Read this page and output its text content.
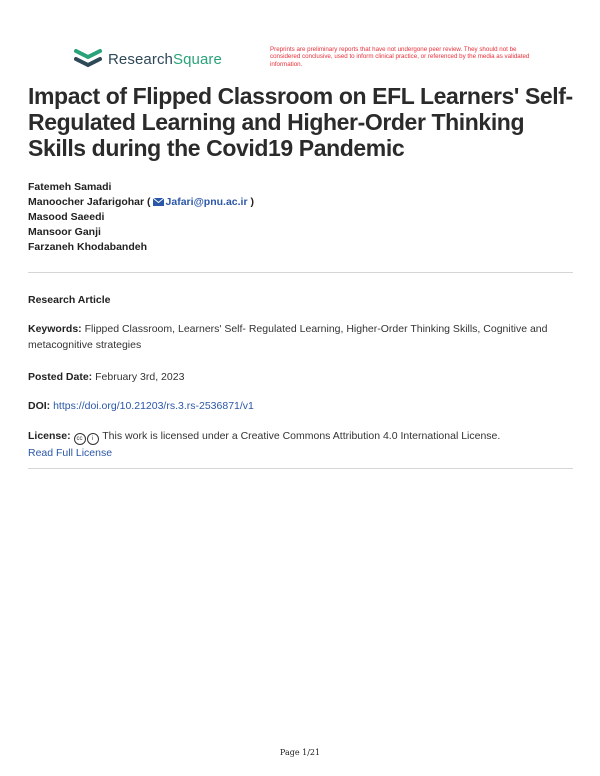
ResearchSquare
Preprints are preliminary reports that have not undergone peer review. They should not be considered conclusive, used to inform clinical practice, or referenced by the media as validated information.
Impact of Flipped Classroom on EFL Learners' Self-Regulated Learning and Higher-Order Thinking Skills during the Covid19 Pandemic
Fatemeh Samadi
Manoocher Jafarigohar ( Jafari@pnu.ac.ir )
Masood Saeedi
Mansoor Ganji
Farzaneh Khodabandeh
Research Article
Keywords: Flipped Classroom, Learners' Self- Regulated Learning, Higher-Order Thinking Skills, Cognitive and metacognitive strategies
Posted Date: February 3rd, 2023
DOI: https://doi.org/10.21203/rs.3.rs-2536871/v1
License: cc i This work is licensed under a Creative Commons Attribution 4.0 International License.
Read Full License
Page 1/21
